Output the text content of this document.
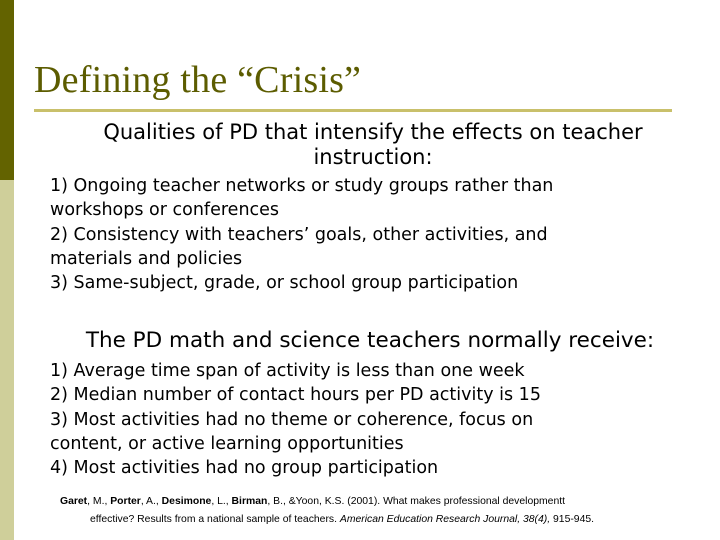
Defining the “Crisis”
Qualities of PD that intensify the effects on teacher
instruction:
1) Ongoing teacher networks or study groups rather than
workshops or conferences
2) Consistency with teachers’ goals, other activities, and
materials and policies
3) Same-subject, grade, or school group participation
The PD math and science teachers normally receive:
1) Average time span of activity is less than one week
2) Median number of contact hours per PD activity is 15
3) Most activities had no theme or coherence, focus on
content, or active learning opportunities
4) Most activities had no group participation
Garet, M., Porter, A., Desimone, L., Birman, B., &Yoon, K.S. (2001). What makes professional developmentt
effective? Results from a national sample of teachers. American Education Research Journal, 38(4), 915-945.
